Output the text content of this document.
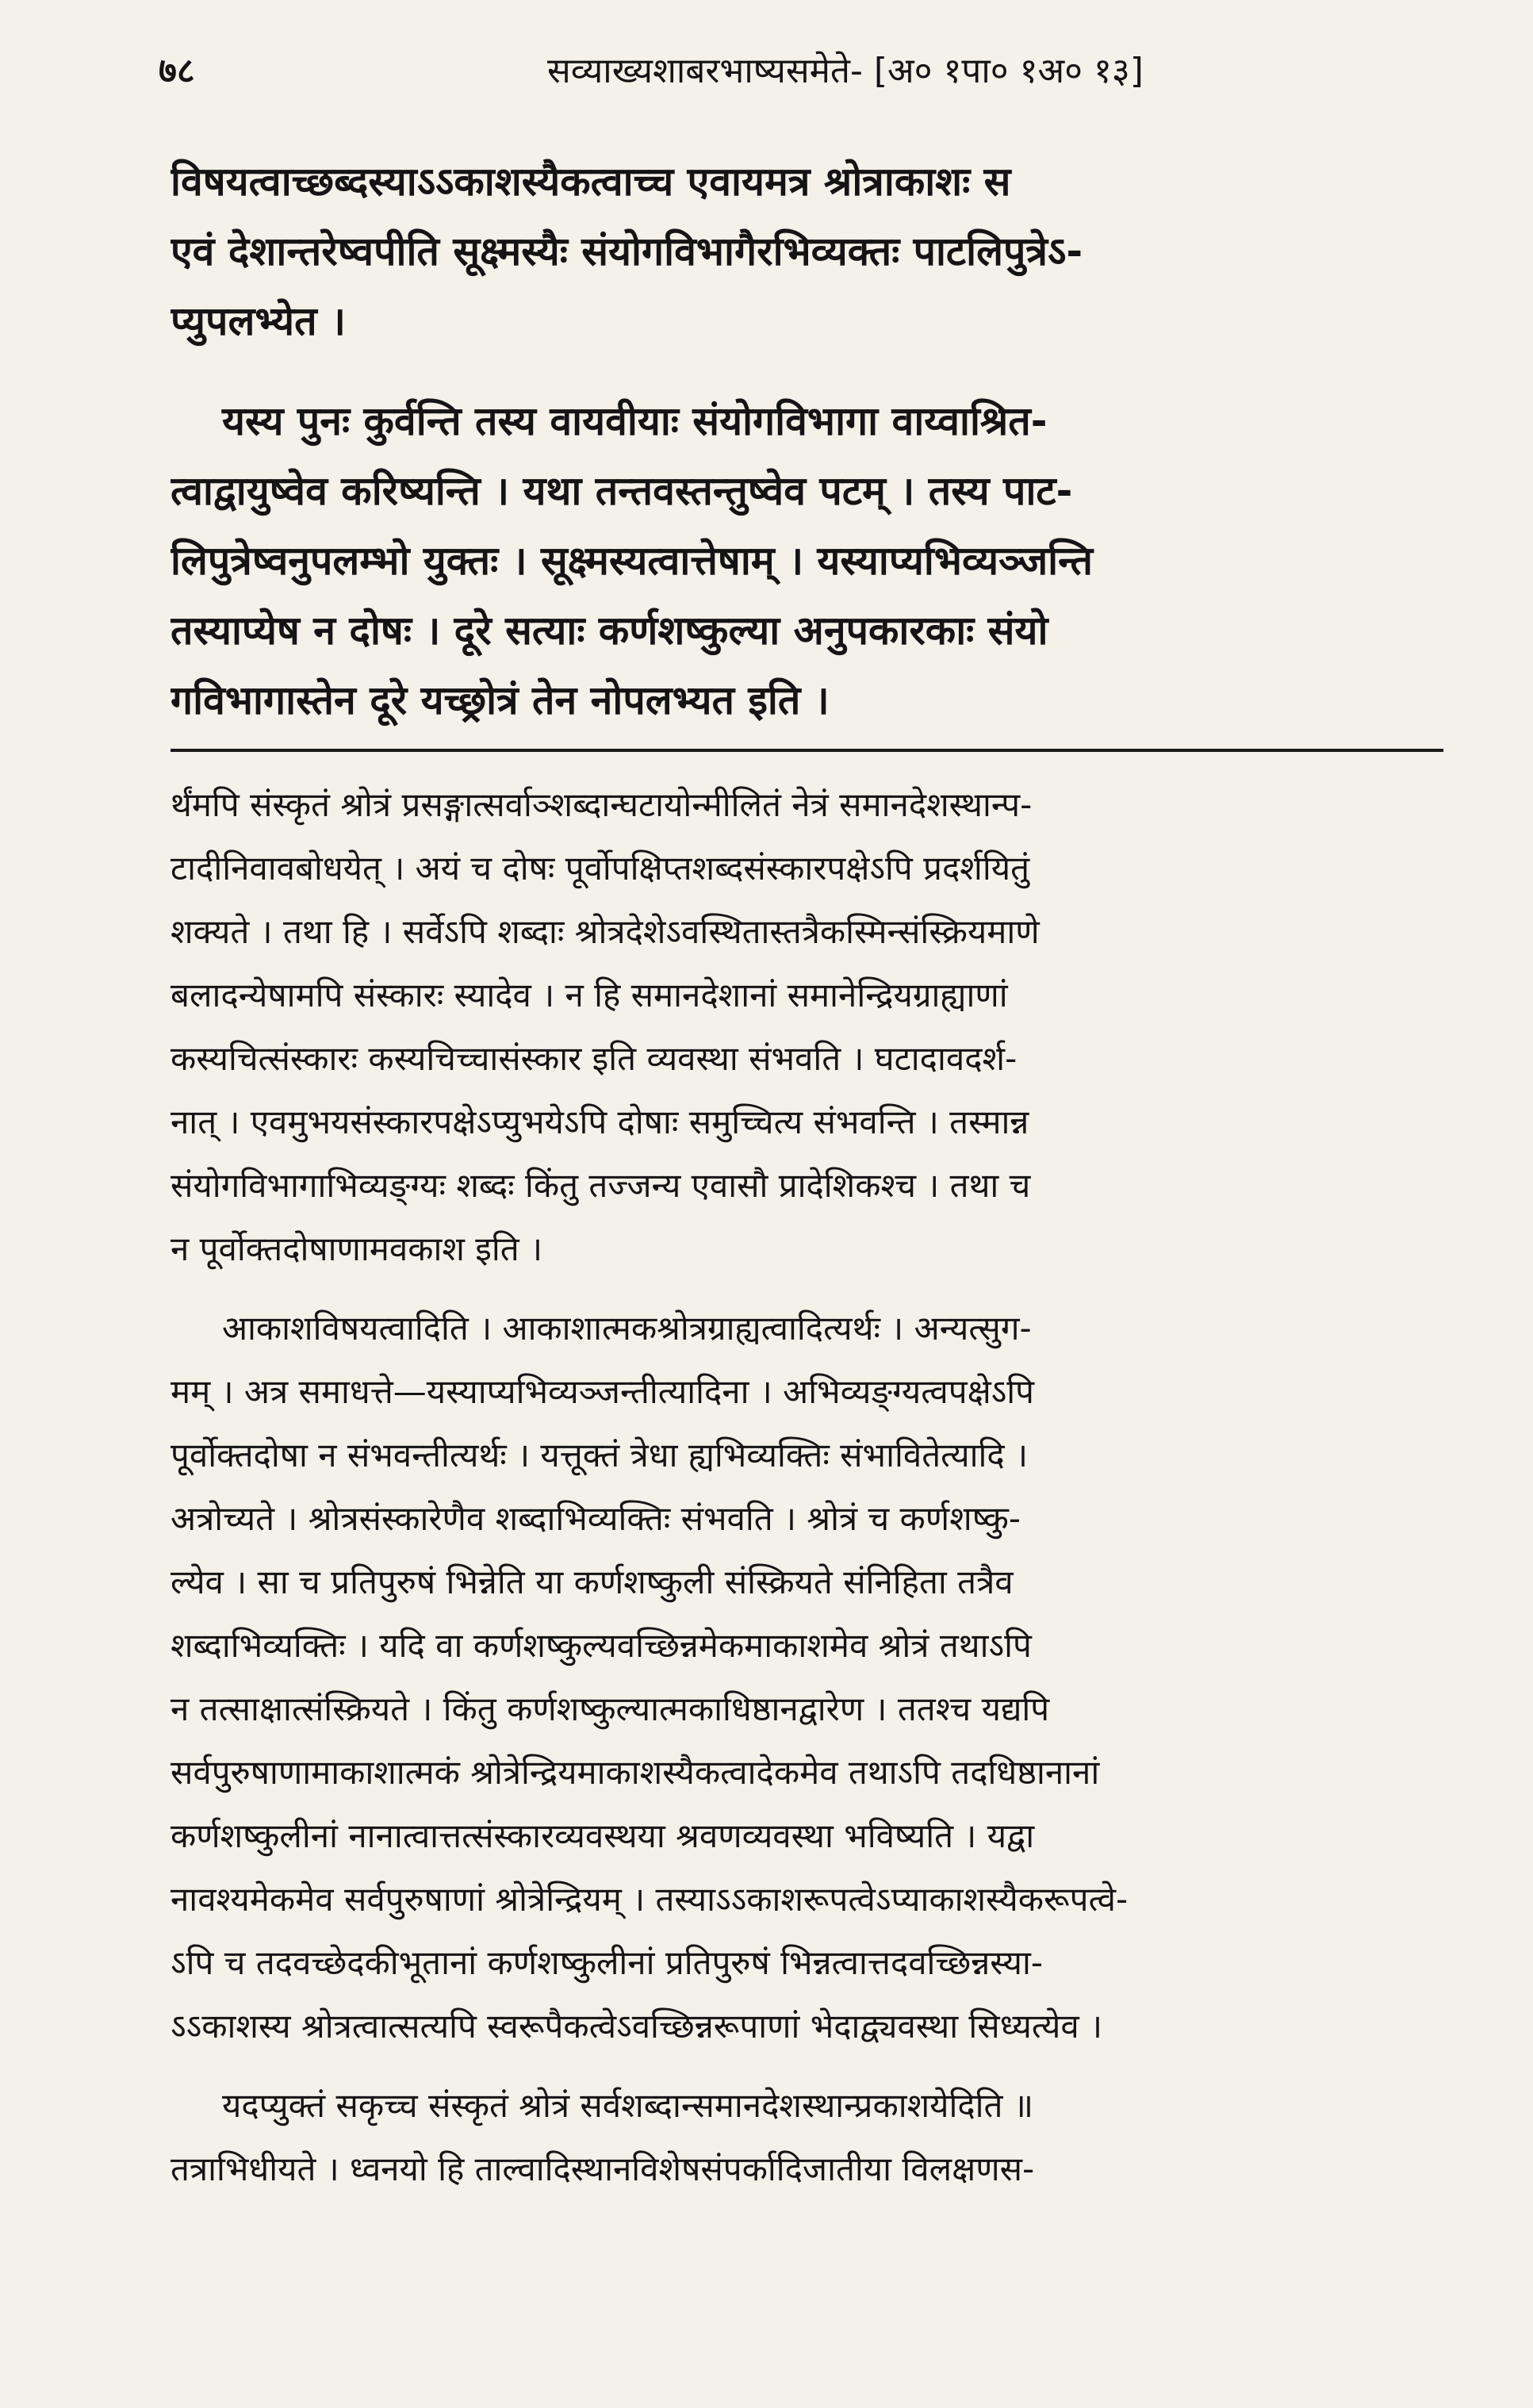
७८	सव्याख्यशाबरभाष्यसमेते- [अ० १पा० १अ० १३]
विषयत्वाच्छब्दस्याऽऽकाशस्यैकत्वाच्च एवायमत्र श्रोत्राकाशः स
एवं देशान्तरेष्वपीति सूक्ष्मस्यैः संयोगविभागैरभिव्यक्तः पाटलिपुत्रेऽ-
प्युपलभ्येत ।
यस्य पुनः कुर्वन्ति तस्य वायवीयाः संयोगविभागा वाय्वाश्रित-
त्वाद्वायुष्वेव करिष्यन्ति । यथा तन्तवस्तन्तुष्वेव पटम् । तस्य पाट-
लिपुत्रेष्वनुपलम्भो युक्तः । सूक्ष्मस्यत्वात्तेषाम् । यस्याप्यभिव्यञ्जन्ति
तस्याप्येष न दोषः । दूरे सत्याः कर्णशष्कुल्या अनुपकारकाः संयो
गविभागास्तेन दूरे यच्छ्रोत्रं तेन नोपलभ्यत इति ।
र्थंमपि संस्कृतं श्रोत्रं प्रसङ्गात्सर्वाञ्शब्दान्घटायोन्मीलितं नेत्रं समानदेशस्थान्प-
टादीनिवावबोधयेत् । अयं च दोषः पूर्वोपक्षिप्तशब्दसंस्कारपक्षेऽपि प्रदर्शयितुं
शक्यते । तथा हि । सर्वेऽपि शब्दाः श्रोत्रदेशेऽवस्थितास्तत्रैकस्मिन्संस्क्रियमाणे
बलादन्येषामपि संस्कारः स्यादेव । न हि समानदेशानां समानेन्द्रियग्राह्याणां
कस्यचित्संस्कारः कस्यचिच्चासंस्कार इति व्यवस्था संभवति । घटादावदर्श-
नात् । एवमुभयसंस्कारपक्षेऽप्युभयेऽपि दोषाः समुच्चित्य संभवन्ति । तस्मान्न
संयोगविभागाभिव्यङ्ग्यः शब्दः किंतु तज्जन्य एवासौ प्रादेशिकश्च । तथा च
न पूर्वोक्तदोषाणामवकाश इति ।
आकाशविषयत्वादिति । आकाशात्मकश्रोत्रग्राह्यत्वादित्यर्थः । अन्यत्सुग-
मम् । अत्र समाधत्ते—यस्याप्यभिव्यञ्जन्तीत्यादिना । अभिव्यङ्ग्यत्वपक्षेऽपि
पूर्वोक्तदोषा न संभवन्तीत्यर्थः । यत्तूक्तं त्रेधा ह्यभिव्यक्तिः संभावितेत्यादि ।
अत्रोच्यते । श्रोत्रसंस्कारेणैव शब्दाभिव्यक्तिः संभवति । श्रोत्रं च कर्णशष्कु-
ल्येव । सा च प्रतिपुरुषं भिन्नेति या कर्णशष्कुली संस्क्रियते संनिहिता तत्रैव
शब्दाभिव्यक्तिः । यदि वा कर्णशष्कुल्यवच्छिन्नमेकमाकाशमेव श्रोत्रं तथाऽपि
न तत्साक्षात्संस्क्रियते । किंतु कर्णशष्कुल्यात्मकाधिष्ठानद्वारेण । ततश्च यद्यपि
सर्वपुरुषाणामाकाशात्मकं श्रोत्रेन्द्रियमाकाशस्यैकत्वादेकमेव तथाऽपि तदधिष्ठानानां
कर्णशष्कुलीनां नानात्वात्तत्संस्कारव्यवस्थया श्रवणव्यवस्था भविष्यति । यद्वा
नावश्यमेकमेव सर्वपुरुषाणां श्रोत्रेन्द्रियम् । तस्याऽऽकाशरूपत्वेऽप्याकाशस्यैकरूपत्वे-
ऽपि च तदवच्छेदकीभूतानां कर्णशष्कुलीनां प्रतिपुरुषं भिन्नत्वात्तदवच्छिन्नस्या-
ऽऽकाशस्य श्रोत्रत्वात्सत्यपि स्वरूपैकत्वेऽवच्छिन्नरूपाणां भेदाद्व्यवस्था सिध्यत्येव ।
यदप्युक्तं सकृच्च संस्कृतं श्रोत्रं सर्वशब्दान्समानदेशस्थान्प्रकाशयेदिति ॥
तत्राभिधीयते । ध्वनयो हि ताल्वादिस्थानविशेषसंपर्कादिजातीया विलक्षणस-
